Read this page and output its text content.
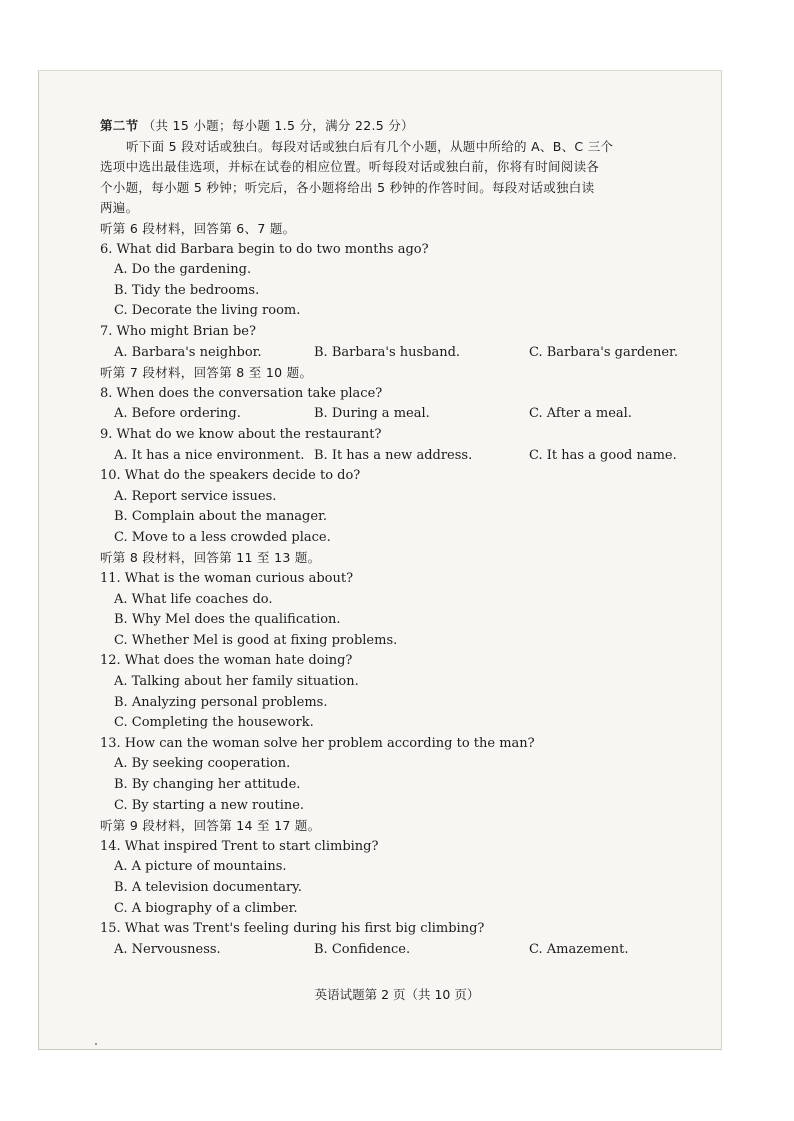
第二节 （共 15 小题；每小题 1.5 分，满分 22.5 分）
听下面 5 段对话或独白。每段对话或独白后有几个小题，从题中所给的 A、B、C 三个
选项中选出最佳选项，并标在试卷的相应位置。听每段对话或独白前，你将有时间阅读各
个小题，每小题 5 秒钟；听完后，各小题将给出 5 秒钟的作答时间。每段对话或独白读
两遍。
听第 6 段材料，回答第 6、7 题。
6. What did Barbara begin to do two months ago?
A. Do the gardening.
B. Tidy the bedrooms.
C. Decorate the living room.
7. Who might Brian be?
A. Barbara's neighbor.	B. Barbara's husband.	C. Barbara's gardener.
听第 7 段材料，回答第 8 至 10 题。
8. When does the conversation take place?
A. Before ordering.	B. During a meal.	C. After a meal.
9. What do we know about the restaurant?
A. It has a nice environment. B. It has a new address.	C. It has a good name.
10. What do the speakers decide to do?
A. Report service issues.
B. Complain about the manager.
C. Move to a less crowded place.
听第 8 段材料，回答第 11 至 13 题。
11. What is the woman curious about?
A. What life coaches do.
B. Why Mel does the qualification.
C. Whether Mel is good at fixing problems.
12. What does the woman hate doing?
A. Talking about her family situation.
B. Analyzing personal problems.
C. Completing the housework.
13. How can the woman solve her problem according to the man?
A. By seeking cooperation.
B. By changing her attitude.
C. By starting a new routine.
听第 9 段材料，回答第 14 至 17 题。
14. What inspired Trent to start climbing?
A. A picture of mountains.
B. A television documentary.
C. A biography of a climber.
15. What was Trent's feeling during his first big climbing?
A. Nervousness.	B. Confidence.	C. Amazement.
英语试题第 2 页（共 10 页）
